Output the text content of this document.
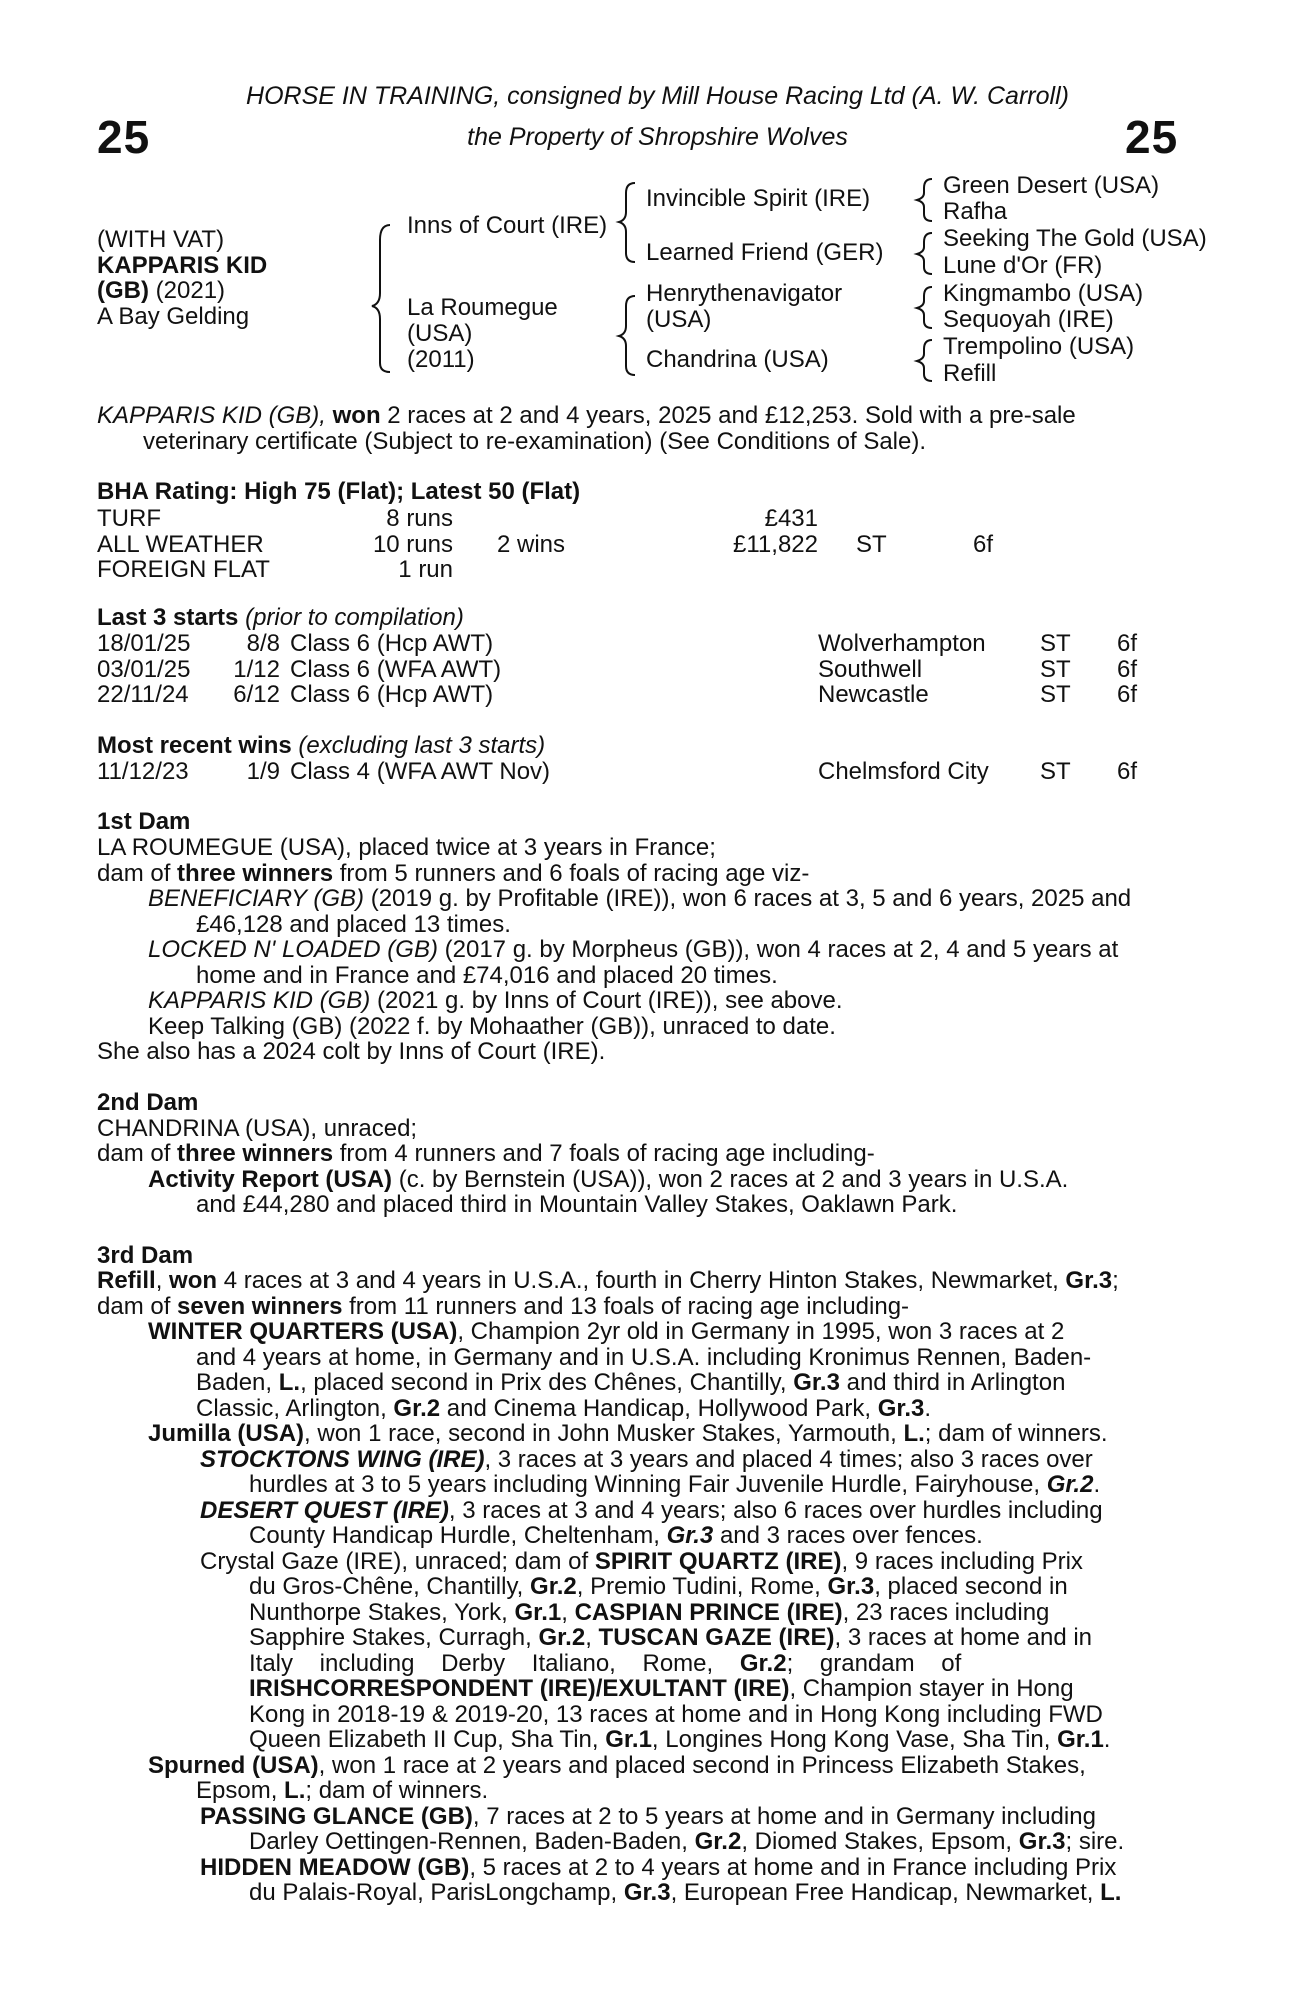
25	25
HORSE IN TRAINING, consigned by Mill House Racing Ltd (A. W. Carroll)
the Property of Shropshire Wolves
(WITH VAT)
KAPPARIS KID
(GB) (2021)
A Bay Gelding
Inns of Court (IRE)
La Roumegue
(USA)
(2011)
Invincible Spirit (IRE)
Learned Friend (GER)
Henrythenavigator
(USA)
Chandrina (USA)
Green Desert (USA)
Rafha
Seeking The Gold (USA)
Lune d'Or (FR)
Kingmambo (USA)
Sequoyah (IRE)
Trempolino (USA)
Refill
KAPPARIS KID (GB), won 2 races at 2 and 4 years, 2025 and £12,253. Sold with a pre-sale
veterinary certificate (Subject to re-examination) (See Conditions of Sale).
BHA Rating: High 75 (Flat); Latest 50 (Flat)
TURF	8 runs	£431
ALL WEATHER	10 runs 2 wins	£11,822 ST	6f
FOREIGN FLAT	1 run
Last 3 starts (prior to compilation)
18/01/25 8/8 Class 6 (Hcp AWT)	Wolverhampton ST 6f
03/01/25 1/12 Class 6 (WFA AWT)	Southwell	ST 6f
22/11/24 6/12 Class 6 (Hcp AWT)	Newcastle	ST 6f
Most recent wins (excluding last 3 starts)
11/12/23 1/9 Class 4 (WFA AWT Nov)	Chelmsford City ST 6f
1st Dam
LA ROUMEGUE (USA), placed twice at 3 years in France;
dam of three winners from 5 runners and 6 foals of racing age viz-
BENEFICIARY (GB) (2019 g. by Profitable (IRE)), won 6 races at 3, 5 and 6 years, 2025 and
£46,128 and placed 13 times.
LOCKED N' LOADED (GB) (2017 g. by Morpheus (GB)), won 4 races at 2, 4 and 5 years at
home and in France and £74,016 and placed 20 times.
KAPPARIS KID (GB) (2021 g. by Inns of Court (IRE)), see above.
Keep Talking (GB) (2022 f. by Mohaather (GB)), unraced to date.
She also has a 2024 colt by Inns of Court (IRE).
2nd Dam
CHANDRINA (USA), unraced;
dam of three winners from 4 runners and 7 foals of racing age including-
Activity Report (USA) (c. by Bernstein (USA)), won 2 races at 2 and 3 years in U.S.A.
and £44,280 and placed third in Mountain Valley Stakes, Oaklawn Park.
3rd Dam
Refill, won 4 races at 3 and 4 years in U.S.A., fourth in Cherry Hinton Stakes, Newmarket, Gr.3;
dam of seven winners from 11 runners and 13 foals of racing age including-
WINTER QUARTERS (USA), Champion 2yr old in Germany in 1995, won 3 races at 2
and 4 years at home, in Germany and in U.S.A. including Kronimus Rennen, Baden-
Baden, L., placed second in Prix des Chênes, Chantilly, Gr.3 and third in Arlington
Classic, Arlington, Gr.2 and Cinema Handicap, Hollywood Park, Gr.3.
Jumilla (USA), won 1 race, second in John Musker Stakes, Yarmouth, L.; dam of winners.
STOCKTONS WING (IRE), 3 races at 3 years and placed 4 times; also 3 races over
hurdles at 3 to 5 years including Winning Fair Juvenile Hurdle, Fairyhouse, Gr.2.
DESERT QUEST (IRE), 3 races at 3 and 4 years; also 6 races over hurdles including
County Handicap Hurdle, Cheltenham, Gr.3 and 3 races over fences.
Crystal Gaze (IRE), unraced; dam of SPIRIT QUARTZ (IRE), 9 races including Prix
du Gros-Chêne, Chantilly, Gr.2, Premio Tudini, Rome, Gr.3, placed second in
Nunthorpe Stakes, York, Gr.1, CASPIAN PRINCE (IRE), 23 races including
Sapphire Stakes, Curragh, Gr.2, TUSCAN GAZE (IRE), 3 races at home and in
Italy including Derby Italiano, Rome, Gr.2; grandam of
IRISHCORRESPONDENT (IRE)/EXULTANT (IRE), Champion stayer in Hong
Kong in 2018-19 & 2019-20, 13 races at home and in Hong Kong including FWD
Queen Elizabeth II Cup, Sha Tin, Gr.1, Longines Hong Kong Vase, Sha Tin, Gr.1.
Spurned (USA), won 1 race at 2 years and placed second in Princess Elizabeth Stakes,
Epsom, L.; dam of winners.
PASSING GLANCE (GB), 7 races at 2 to 5 years at home and in Germany including
Darley Oettingen-Rennen, Baden-Baden, Gr.2, Diomed Stakes, Epsom, Gr.3; sire.
HIDDEN MEADOW (GB), 5 races at 2 to 4 years at home and in France including Prix
du Palais-Royal, ParisLongchamp, Gr.3, European Free Handicap, Newmarket, L.
